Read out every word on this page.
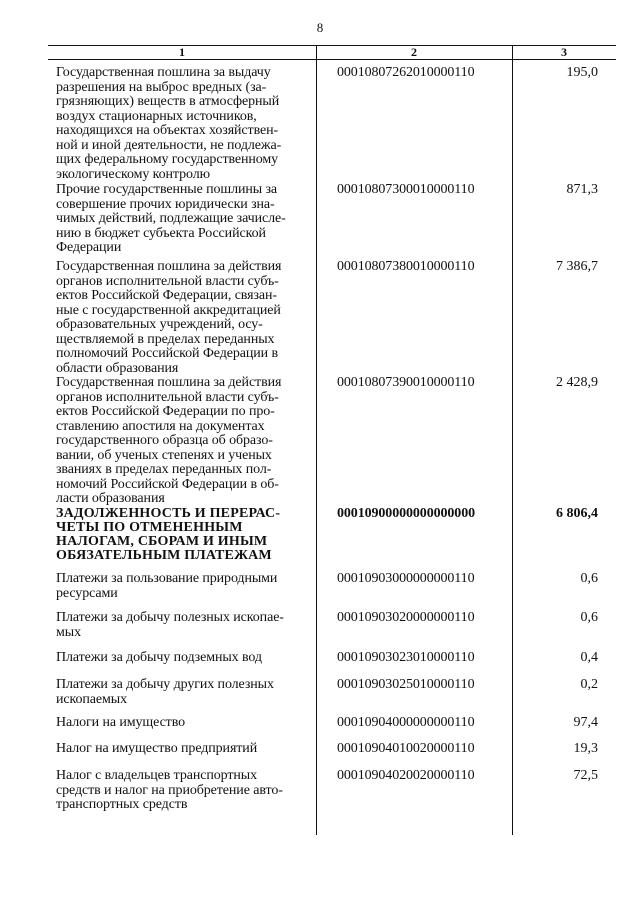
8
1	2	3
Государственная пошлина за выдачу
разрешения на выброс вредных (за-
грязняющих) веществ в атмосферный
воздух стационарных источников,
находящихся на объектах хозяйствен-
ной и иной деятельности, не подлежа-
щих федеральному государственному
экологическому контролю
00010807262010000110	195,0
Прочие государственные пошлины за
совершение прочих юридически зна-
чимых действий, подлежащие зачисле-
нию в бюджет субъекта Российской
Федерации
00010807300010000110	871,3
Государственная пошлина за действия
органов исполнительной власти субъ-
ектов Российской Федерации, связан-
ные с государственной аккредитацией
образовательных учреждений, осу-
ществляемой в пределах переданных
полномочий Российской Федерации в
области образования
00010807380010000110	7 386,7
Государственная пошлина за действия
органов исполнительной власти субъ-
ектов Российской Федерации по про-
ставлению апостиля на документах
государственного образца об образо-
вании, об ученых степенях и ученых
званиях в пределах переданных пол-
номочий Российской Федерации в об-
ласти образования
00010807390010000110	2 428,9
ЗАДОЛЖЕННОСТЬ И ПЕРЕРАС-
ЧЕТЫ ПО ОТМЕНЕННЫМ
НАЛОГАМ, СБОРАМ И ИНЫМ
ОБЯЗАТЕЛЬНЫМ ПЛАТЕЖАМ
00010900000000000000	6 806,4
Платежи за пользование природными
ресурсами
00010903000000000110	0,6
Платежи за добычу полезных ископае-
мых
00010903020000000110	0,6
Платежи за добычу подземных вод	00010903023010000110	0,4
Платежи за добычу других полезных
ископаемых
00010903025010000110	0,2
Налоги на имущество	00010904000000000110	97,4
Налог на имущество предприятий	00010904010020000110	19,3
Налог с владельцев транспортных
средств и налог на приобретение авто-
транспортных средств
00010904020020000110	72,5
